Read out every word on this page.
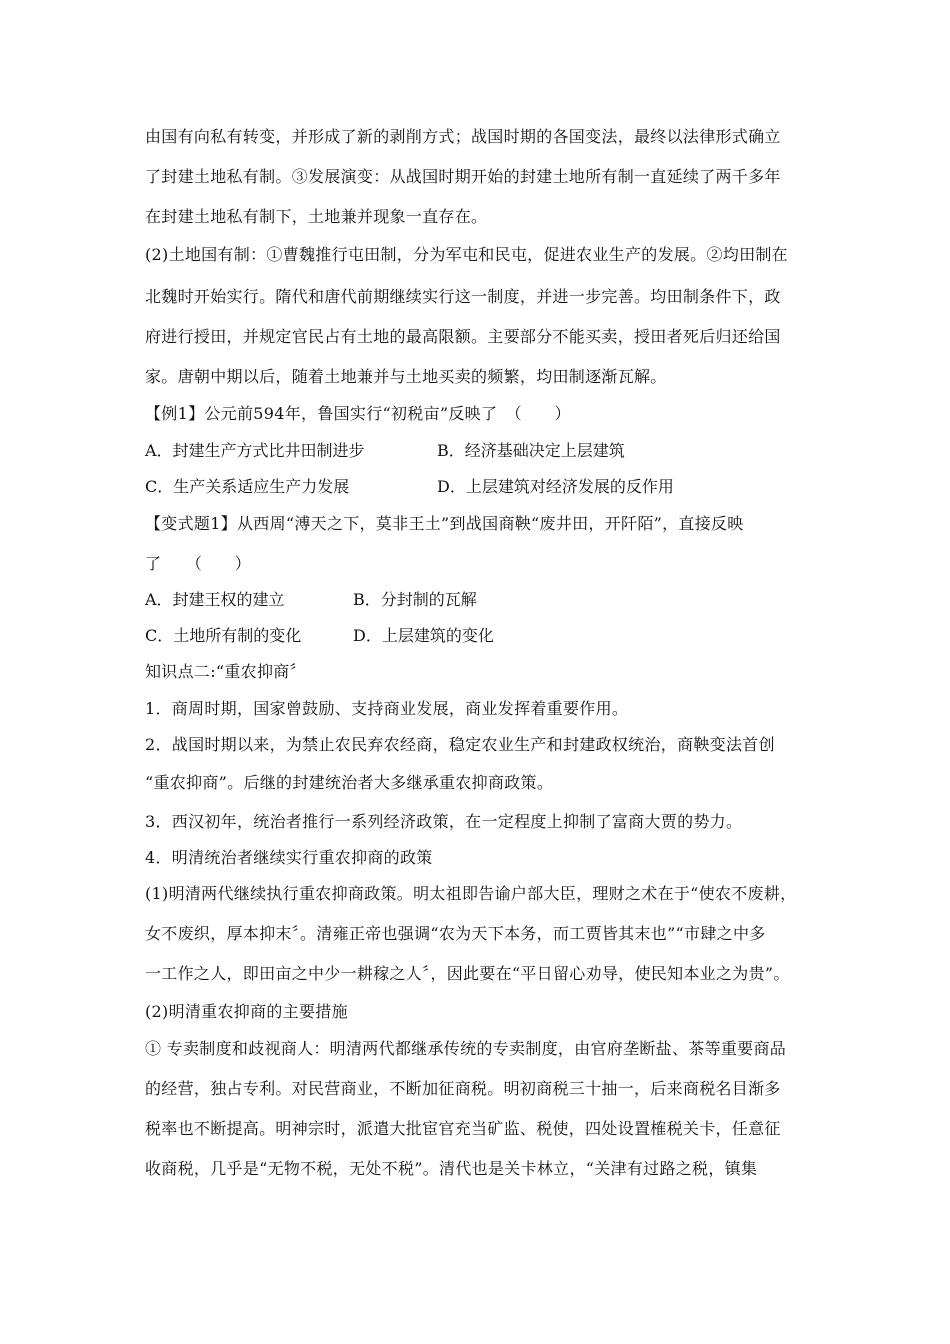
由国有向私有转变，并形成了新的剥削方式；战国时期的各国变法，最终以法律形式确立
了封建土地私有制。③发展演变：从战国时期开始的封建土地所有制一直延续了两千多年
在封建土地私有制下，土地兼并现象一直存在。
(2)土地国有制：①曹魏推行屯田制，分为军屯和民屯，促进农业生产的发展。②均田制在
北魏时开始实行。隋代和唐代前期继续实行这一制度，并进一步完善。均田制条件下，政
府进行授田，并规定官民占有土地的最高限额。主要部分不能买卖，授田者死后归还给国
家。唐朝中期以后，随着土地兼并与土地买卖的频繁，均田制逐渐瓦解。
【例1】公元前594年，鲁国实行“初税亩”反映了　（　　）
A．封建生产方式比井田制进步	B．经济基础决定上层建筑
C．生产关系适应生产力发展	D．上层建筑对经济发展的反作用
【变式题1】从西周“溥天之下，莫非王土”到战国商鞅“废井田，开阡陌”，直接反映
了　　（　　）
A．封建王权的建立	B．分封制的瓦解
C．土地所有制的变化	D．上层建筑的变化
知识点二:“重农抑商〞
1．商周时期，国家曾鼓励、支持商业发展，商业发挥着重要作用。
2．战国时期以来，为禁止农民弃农经商，稳定农业生产和封建政权统治，商鞅变法首创
“重农抑商”。后继的封建统治者大多继承重农抑商政策。
3．西汉初年，统治者推行一系列经济政策，在一定程度上抑制了富商大贾的势力。
4．明清统治者继续实行重农抑商的政策
(1)明清两代继续执行重农抑商政策。明太祖即告谕户部大臣，理财之术在于“使农不废耕，
女不废织，厚本抑末〞。清雍正帝也强调“农为天下本务，而工贾皆其末也”“市肆之中多
一工作之人，即田亩之中少一耕稼之人〞，因此要在“平日留心劝导，使民知本业之为贵”。
(2)明清重农抑商的主要措施
① 专卖制度和歧视商人：明清两代都继承传统的专卖制度，由官府垄断盐、茶等重要商品
的经营，独占专利。对民营商业，不断加征商税。明初商税三十抽一，后来商税名目渐多
税率也不断提高。明神宗时，派遣大批宦官充当矿监、税使，四处设置榷税关卡，任意征
收商税，几乎是“无物不税，无处不税”。清代也是关卡林立，“关津有过路之税，镇集
